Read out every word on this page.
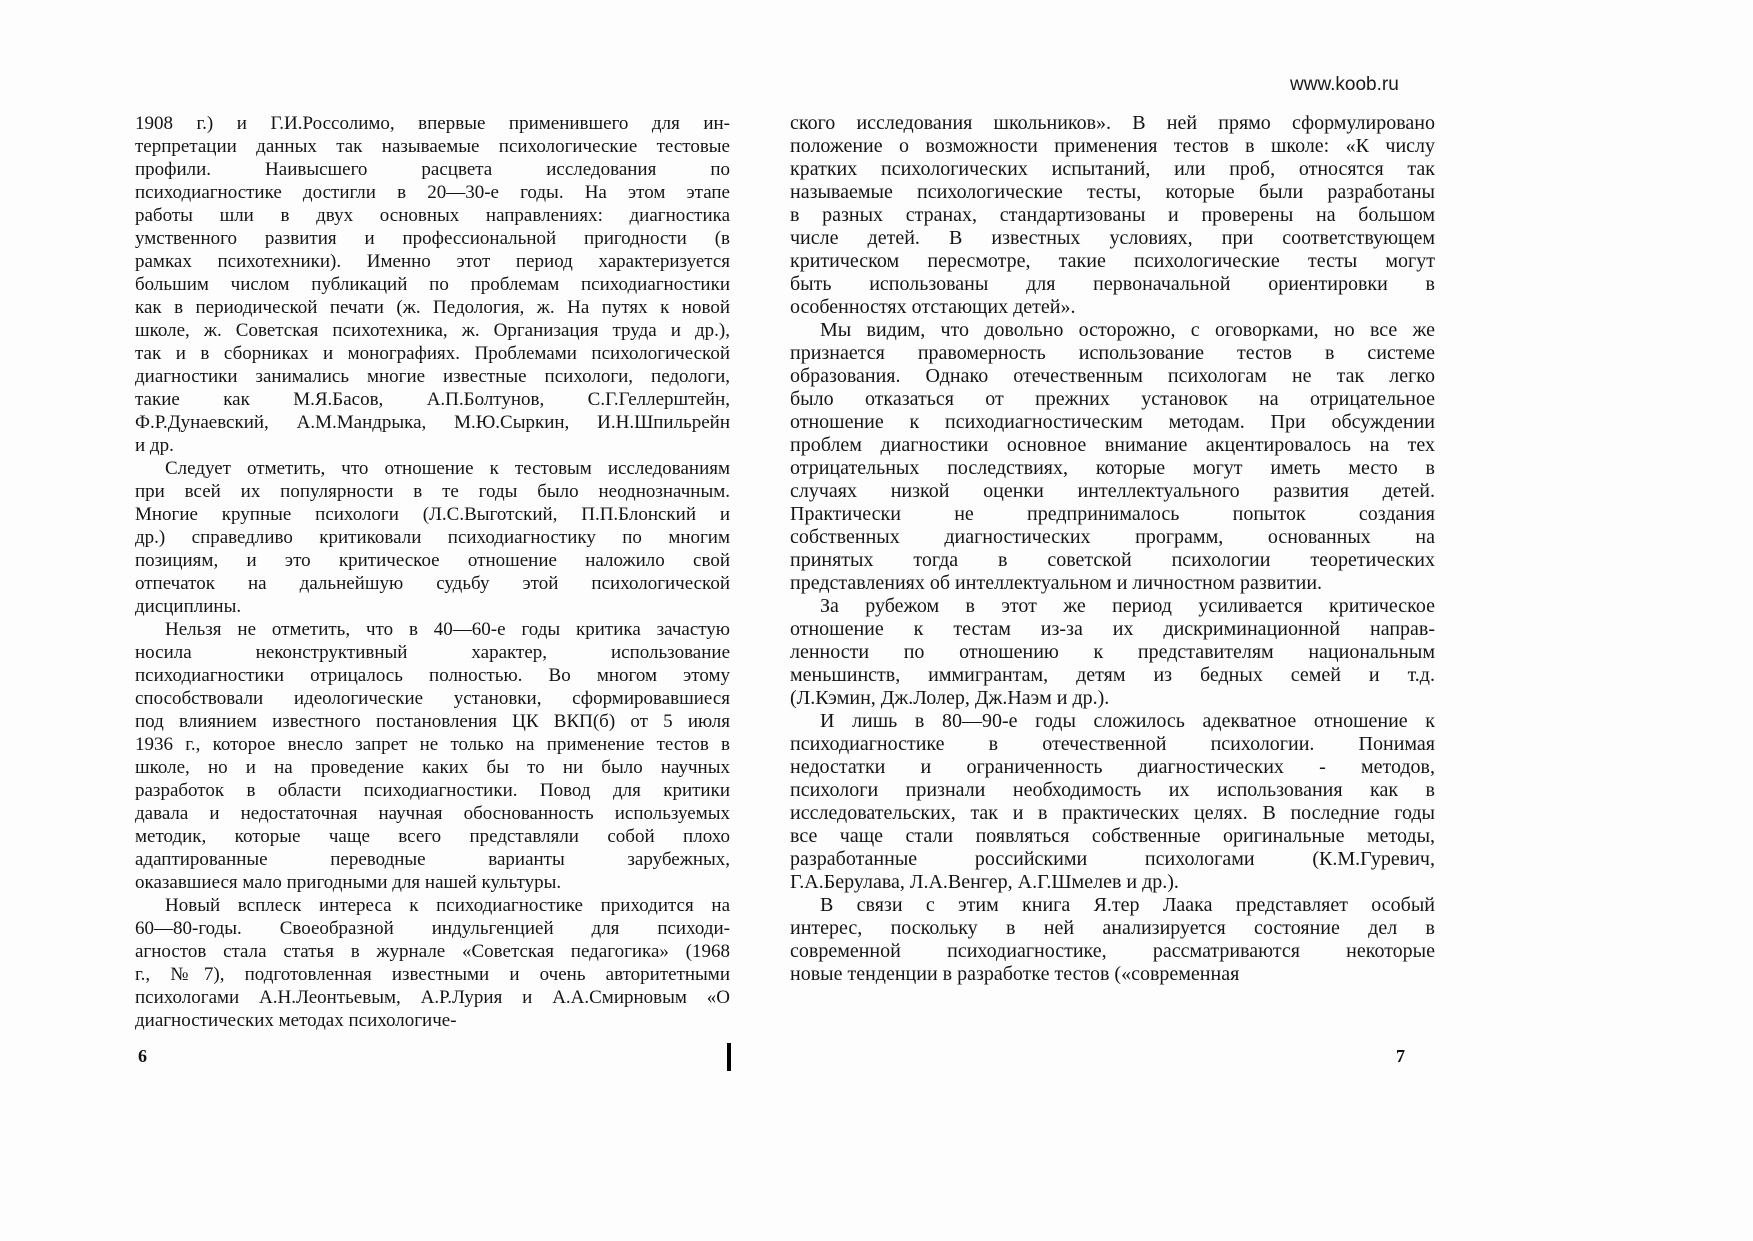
www.koob.ru
1908 г.) и Г.И.Россолимо, впервые применившего для ин-
терпретации данных так называемые психологические тестовые
профили. Наивысшего расцвета исследования по
психодиагностике достигли в 20—30-е годы. На этом этапе
работы шли в двух основных направлениях: диагностика
умственного развития и профессиональной пригодности (в
рамках психотехники). Именно этот период характеризуется
большим числом публикаций по проблемам психодиагностики
как в периодической печати (ж. Педология, ж. На путях к новой
школе, ж. Советская психотехника, ж. Организация труда и др.),
так и в сборниках и монографиях. Проблемами психологической
диагностики занимались многие известные психологи, педологи,
такие как М.Я.Басов, А.П.Болтунов, С.Г.Геллерштейн,
Ф.Р.Дунаевский, А.М.Мандрыка, М.Ю.Сыркин, И.Н.Шпильрейн
и др.
Следует отметить, что отношение к тестовым исследованиям
при всей их популярности в те годы было неоднозначным.
Многие крупные психологи (Л.С.Выготский, П.П.Блонский и
др.) справедливо критиковали психодиагностику по многим
позициям, и это критическое отношение наложило свой
отпечаток на дальнейшую судьбу этой психологической
дисциплины.
Нельзя не отметить, что в 40—60-е годы критика зачастую
носила неконструктивный характер, использование
психодиагностики отрицалось полностью. Во многом этому
способствовали идеологические установки, сформировавшиеся
под влиянием известного постановления ЦК ВКП(б) от 5 июля
1936 г., которое внесло запрет не только на применение тестов в
школе, но и на проведение каких бы то ни было научных
разработок в области психодиагностики. Повод для критики
давала и недостаточная научная обоснованность используемых
методик, которые чаще всего представляли собой плохо
адаптированные переводные варианты зарубежных,
оказавшиеся мало пригодными для нашей культуры.
Новый всплеск интереса к психодиагностике приходится на
60—80-годы. Своеобразной индульгенцией для психоди-
агностов стала статья в журнале «Советская педагогика» (1968
г., №7), подготовленная известными и очень авторитетными
психологами А.Н.Леонтьевым, А.Р.Лурия и А.А.Смирновым «О
диагностических методах психологиче-
ского исследования школьников». В ней прямо сформулировано
положение о возможности применения тестов в школе: «К числу
кратких психологических испытаний, или проб, относятся так
называемые психологические тесты, которые были разработаны
в разных странах, стандартизованы и проверены на большом
числе детей. В известных условиях, при соответствующем
критическом пересмотре, такие психологические тесты могут
быть использованы для первоначальной ориентировки в
особенностях отстающих детей».
Мы видим, что довольно осторожно, с оговорками, но все же
признается правомерность использование тестов в системе
образования. Однако отечественным психологам не так легко
было отказаться от прежних установок на отрицательное
отношение к психодиагностическим методам. При обсуждении
проблем диагностики основное внимание акцентировалось на тех
отрицательных последствиях, которые могут иметь место в
случаях низкой оценки интеллектуального развития детей.
Практически не предпринималось попыток создания
собственных диагностических программ, основанных на
принятых тогда в советской психологии теоретических
представлениях об интеллектуальном и личностном развитии.
За рубежом в этот же период усиливается критическое
отношение к тестам из-за их дискриминационной направ-
ленности по отношению к представителям национальным
меньшинств, иммигрантам, детям из бедных семей и т.д.
(Л.Кэмин, Дж.Лолер, Дж.Наэм и др.).
И лишь в 80—90-е годы сложилось адекватное отношение к
психодиагностике в отечественной психологии. Понимая
недостатки и ограниченность диагностических - методов,
психологи признали необходимость их использования как в
исследовательских, так и в практических целях. В последние годы
все чаще стали появляться собственные оригинальные методы,
разработанные российскими психологами (К.М.Гуревич,
Г.А.Берулава, Л.А.Венгер, А.Г.Шмелев и др.).
В связи с этим книга Я.тер Лаака представляет особый
интерес, поскольку в ней анализируется состояние дел в
современной психодиагностике, рассматриваются некоторые
новые тенденции в разработке тестов («современная
6	7
